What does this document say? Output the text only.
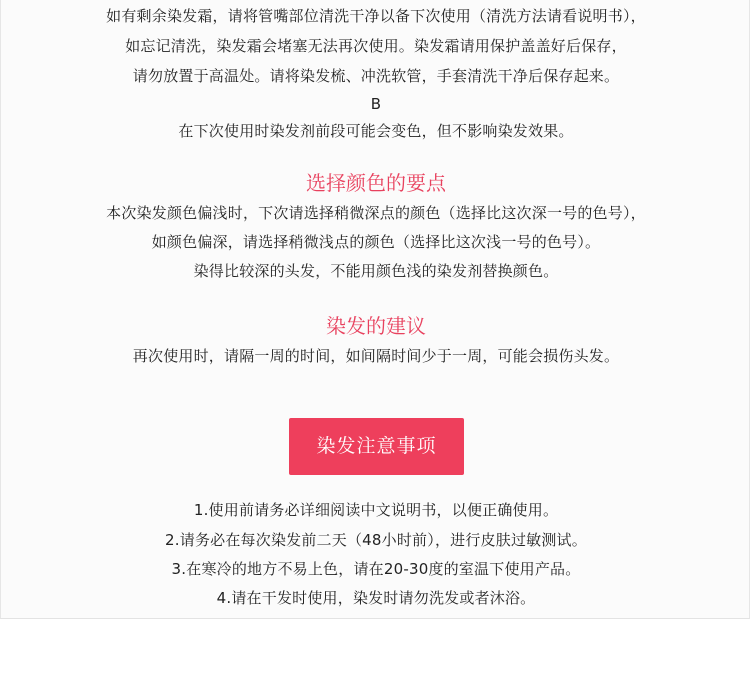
如有剩余染发霜，请将管嘴部位清洗干净以备下次使用（清洗方法请看说明书），
如忘记清洗，染发霜会堵塞无法再次使用。染发霜请用保护盖盖好后保存，
请勿放置于高温处。请将染发梳、冲洗软管，手套清洗干净后保存起来。
B
在下次使用时染发剂前段可能会变色，但不影响染发效果。
选择颜色的要点
本次染发颜色偏浅时，下次请选择稍微深点的颜色（选择比这次深一号的色号），
如颜色偏深，请选择稍微浅点的颜色（选择比这次浅一号的色号）。
染得比较深的头发，不能用颜色浅的染发剂替换颜色。
染发的建议
再次使用时，请隔一周的时间，如间隔时间少于一周，可能会损伤头发。
染发注意事项
1.使用前请务必详细阅读中文说明书，以便正确使用。
2.请务必在每次染发前二天（48小时前），进行皮肤过敏测试。
3.在寒冷的地方不易上色，请在20-30度的室温下使用产品。
4.请在干发时使用，染发时请勿洗发或者沐浴。
